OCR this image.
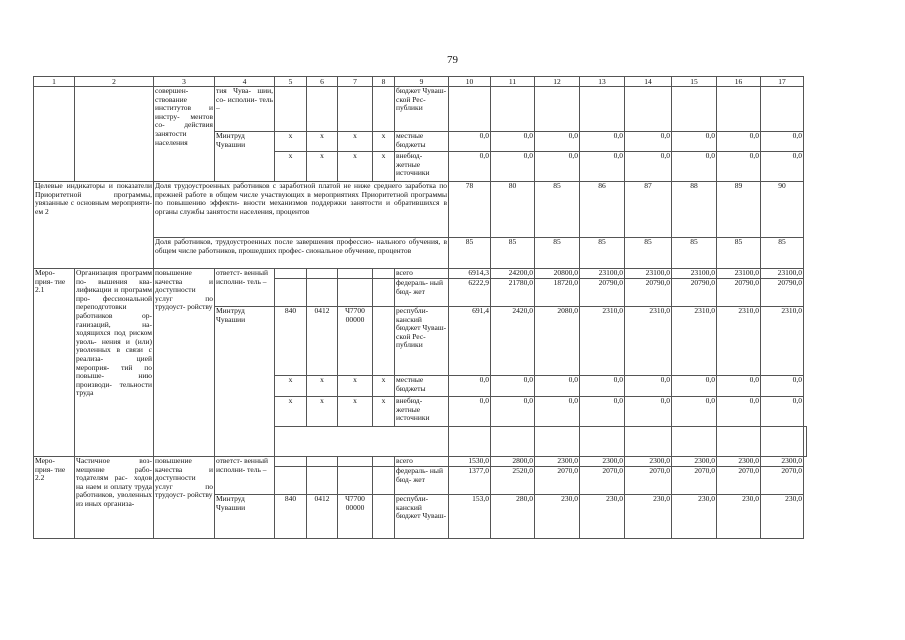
79
1	2	3	4	5	6	7	8	9	10	11	12	13	14	15	16	17	
		совершен- ствование институтов и инстру- ментов со- действия занятости населения	тия Чува- шии, со- исполни- тель –					бюджет Чуваш- ской Рес- публики									
			Минтруд Чувашии	x	x	x	x	местные бюджеты	0,0	0,0	0,0	0,0	0,0	0,0	0,0	0,0	
				x	x	x	x	внебюд- жетные источники	0,0	0,0	0,0	0,0	0,0	0,0	0,0	0,0	
Целевые индикаторы и показатели Приоритетной программы, увязанные с основным мероприяти- ем 2		Доля трудоустроенных работников с заработной платой не ниже среднего заработка по прежней работе в общем числе участвующих в мероприятиях Приоритетной программы по повышению эффекти- вности механизмов поддержки занятости и обратившихся в органы службы занятости населения, процентов							78	80	85	86	87	88	89	90	
		Доля работников, трудоустроенных после завершения профессио- нального обучения, в общем числе работников, прошедших профес- сиональное обучение, процентов							85	85	85	85	85	85	85	85	
Меро- прия- тие 2.1	Организация программ по- вышения ква- лификации и программ про- фессиональной переподготовки работников ор- ганизаций, на- ходящихся под риском уволь- нения и (или) уволенных в связи с реализа- цией мероприя- тий по повыше- нию производи- тельности труда	повышение качества и доступности услуг по трудоуст- ройству	ответст- венный исполни- тель –					всего	6914,3	24200,0	20800,0	23100,0	23100,0	23100,0	23100,0	23100,0	
								федераль- ный бюд- жет	6222,9	21780,0	18720,0	20790,0	20790,0	20790,0	20790,0	20790,0	
			Минтруд Чувашии	840	0412	Ч7700 00000		республи- канский бюджет Чуваш- ской Рес- публики	691,4	2420,0	2080,0	2310,0	2310,0	2310,0	2310,0	2310,0	
				x	x	x	x	местные бюджеты	0,0	0,0	0,0	0,0	0,0	0,0	0,0	0,0	
				x	x	x	x	внебюд- жетные источники	0,0	0,0	0,0	0,0	0,0	0,0	0,0	0,0	

Меро- прия- тие 2.2	Частичное воз- мещение рабо- тодателям рас- ходов на наем и оплату труда работников, уволенных из иных организа-	повышение качества и доступности услуг по трудоуст- ройству	ответст- венный исполни- тель –					всего	1530,0	2800,0	2300,0	2300,0	2300,0	2300,0	2300,0	2300,0	
								федераль- ный бюд- жет	1377,0	2520,0	2070,0	2070,0	2070,0	2070,0	2070,0	2070,0	
			Минтруд Чувашии	840	0412	Ч7700 00000		республи- канский бюджет Чуваш-	153,0	280,0	230,0	230,0	230,0	230,0	230,0	230,0	
